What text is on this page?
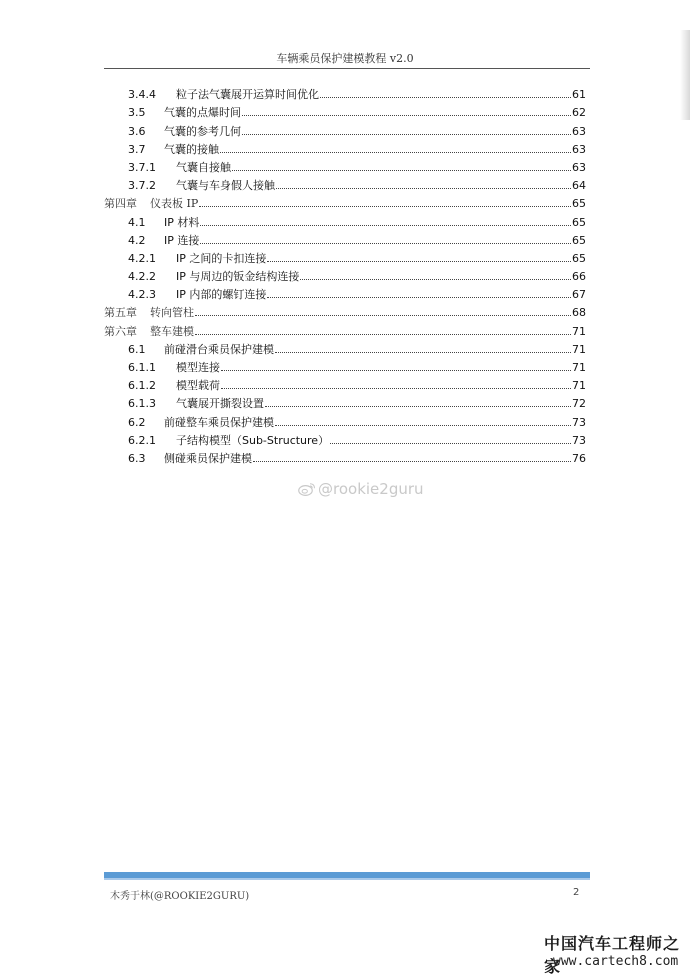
车辆乘员保护建模教程 v2.0
3.4.4	粒子法气囊展开运算时间优化	61
3.5	气囊的点爆时间	62
3.6	气囊的参考几何	63
3.7	气囊的接触	63
3.7.1	气囊自接触	63
3.7.2	气囊与车身假人接触	64
第四章	仪表板 IP	65
4.1	IP 材料	65
4.2	IP 连接	65
4.2.1	IP 之间的卡扣连接	65
4.2.2	IP 与周边的钣金结构连接	66
4.2.3	IP 内部的螺钉连接	67
第五章	转向管柱	68
第六章	整车建模	71
6.1	前碰滑台乘员保护建模	71
6.1.1	模型连接	71
6.1.2	模型载荷	71
6.1.3	气囊展开撕裂设置	72
6.2	前碰整车乘员保护建模	73
6.2.1	子结构模型（Sub-Structure）	73
6.3	侧碰乘员保护建模	76
@rookie2guru
木秀于林(@ROOKIE2GURU)	2
中国汽车工程师之家
www.cartech8.com
